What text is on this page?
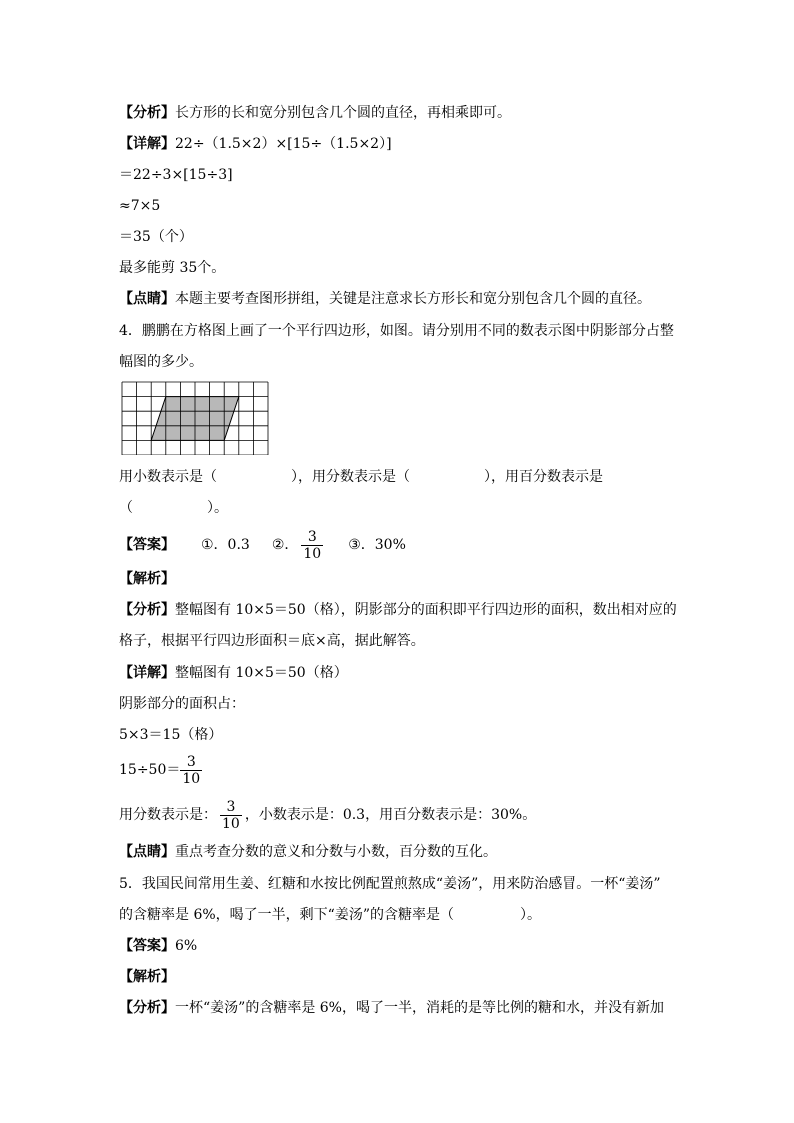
【分析】长方形的长和宽分别包含几个圆的直径，再相乘即可。
【详解】22÷（1.5×2）×[15÷（1.5×2）]
＝22÷3×[15÷3]
≈7×5
＝35（个）
最多能剪 35个。
【点睛】本题主要考查图形拼组，关键是注意求长方形长和宽分别包含几个圆的直径。
4．鹏鹏在方格图上画了一个平行四边形，如图。请分别用不同的数表示图中阴影部分占整
幅图的多少。
用小数表示是（	），用分数表示是（	），用百分数表示是
（	）。
【答案】 ①．0.3 ②． $\frac{3}{10}$ ③．30%
【解析】
【分析】整幅图有 10×5＝50（格），阴影部分的面积即平行四边形的面积，数出相对应的
格子，根据平行四边形面积＝底×高，据此解答。
【详解】整幅图有 10×5＝50（格）
阴影部分的面积占：
5×3＝15（格）
$15\div 50= \frac{3}{10}$
用分数表示是： $\frac{3}{10}$ ，小数表示是：0.3，用百分数表示是：30%。
【点睛】重点考查分数的意义和分数与小数，百分数的互化。
5．我国民间常用生姜、红糖和水按比例配置煎熬成“姜汤”，用来防治感冒。一杯“姜汤”
的含糖率是 6%，喝了一半，剩下“姜汤”的含糖率是（	）。
【答案】6%
【解析】
【分析】一杯“姜汤”的含糖率是 6%，喝了一半，消耗的是等比例的糖和水，并没有新加
